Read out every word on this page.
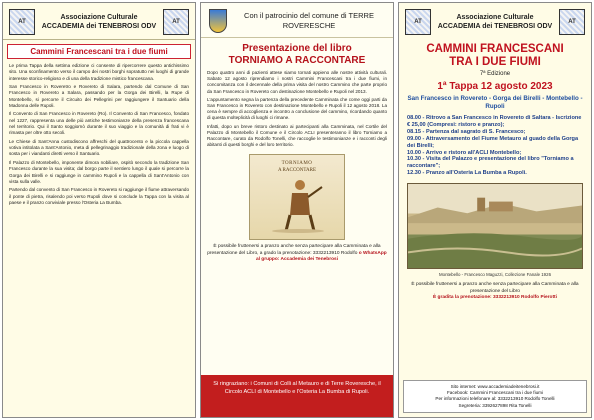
AT
Associazione Culturale
ACCADEMIA dei TENEBROSI ODV
AT
Cammini Francescani tra i due fiumi

Le prima Tappa della settima edizione ci consente di ripercorrere questo antichissimo sito. Una sconfinamento verso il campo dei nostri borghi sopratutto nei luoghi di grande interesse storico-religioso e di una della tradizione mistico francescana.

San Francesco in Roveretro e Rovereto di Salara, partendo dal Comune di San Francesco in Rovereto a Salara, passando per la Gorga dei Birelli, la Rupe di Montebello, si percorre il Circuito dei Pellegrini per raggiungere il Santuario della Madonna delle Rupoli.

Il Convento di San Francesco in Rovereto (Ro). Il Convento di San Francesco, fondato nel 1227, rappresenta una delle più antiche testimonianze della presenza francescana nel territorio. Qui il Santo soggiornò durante il suo viaggio e la comunità di frati vi è rimasta per oltre otto secoli.

Le Chiese di Sant'Anna custodiscono affreschi del quattrocento e la piccola cappella votiva intitolata a Sant'Antonio, meta di pellegrinaggio tradizionale della zona e luogo di sosta per i viandanti diretti verso il Santuario.

Il Palazzo di Montebello, imponente dimora nobiliare, ospitò secondo la tradizione San Francesco durante la sua visita; dal borgo parte il sentiero lungo il quale si percorre la Gorga dei Birelli e si raggiunge in cammino Rupoli e la cappella di Sant'Antonio con vista sulla valle.

Partendo dal convento di San Francesco in Rovereto si raggiunge il fiume attraversando il ponte di pietra, risalendo poi verso Rupoli dove si conclude la Tappa con la visita al paese e il pranzo conviviale presso l'Osteria La Bumba.

Con il patrocinio del comune di TERRE ROVERESCHE
Presentazione del libro
TORNIAMO A RACCONTARE

Dopo quattro anni di pazienti attese siamo tornati appieno alle nostre attività culturali. Sabato 12 agosto riprendiamo i nostri Cammini Francescani tra i due fiumi, in concomitanza con il decennale della prima visita del nostro Cammino che parte proprio da San Francesco in Rovereto con destinazione Montebello e Rupoli nel 2013.

L'appuntamento segna la partenza della precedente Camminata che come oggi parti da San Francesco in Rovereto con destinazione Montebello e Rupoli il 12 agosto 2018. La cena è sempre di accoglienza e incontro a conclusione del cammino, ricordando quanto di questa molteplicità di luoghi ci rimane.

Infatti, dopo un breve ristoro destinato ai partecipanti alla Camminata, nel Cortile del Palazzo di Montebello il Comune e il Circolo ACLI presenteranno il libro Torniamo a Raccontare, curato da Rodolfo Tonelli, che raccoglie le testimonianze e i racconti degli abitanti di questi borghi e del loro territorio.

TORNIAMO
A RACCONTARE
È possibile fruttenersi a pranzo anche senza partecipare alla Camminata e alla presentazione del Libro, a grado la prenotazione: 3332213910 Rodolfo o WhatsApp al gruppo: Accademia dei Tenebrosi
Si ringraziano: i Comuni di Colli al Metauro e di Terre Roveresche, il Circolo ACLI di Montebello e l'Osteria La Bumba di Rupoli.
AT
Associazione Culturale
ACCADEMIA dei TENEBROSI ODV
AT
CAMMINI FRANCESCANI
TRA I DUE FIUMI
7ª Edizione
1ª Tappa 12 agosto 2023
San Francesco in Rovereto - Gorga dei Birelli - Montebello - Rupoli
08.00 - Ritrovo a San Francesco in Rovereto di Saltara - Iscrizione € 25,00 (Compresi: ristoro e pranzo);
08.15 - Partenza dal sagrato di S. Francesco;
09.00 - Attraversamento del Fiume Metauro al guado della Gorga dei Birelli;
10.00 - Arrivo e ristoro all'ACLI Montebello;
10.30 - Visita del Palazzo e presentazione del libro "Torniamo a raccontare";
12.30 - Pranzo all'Osteria La Bumba a Rupoli.
Montebello - Francesco Maguzzi, Collezione Fanale 1926
È possibile fruttenersi a pranzo anche senza partecipare alla Camminata e alla presentazione del Libro
È gradita la prenotazione: 3332213910 Rodolfo Pierotti
Sito internet: www.accademiadeitenebrosi.it
Facebook: Cammini Francescani tra i due fiumi
Per informazioni telefonare al: 3332213910 Rodolfo Tonelli
Segreteria: 3392627898 Rita Tonelli
